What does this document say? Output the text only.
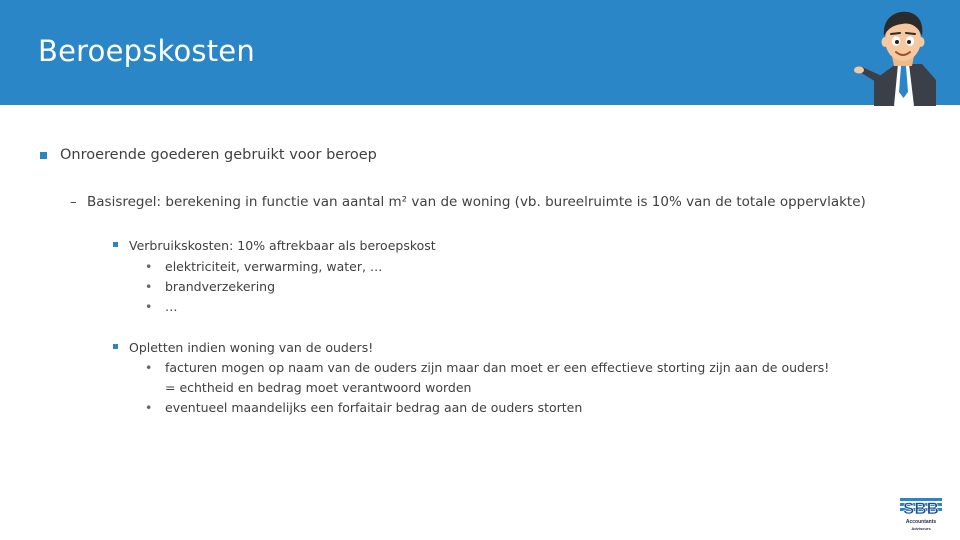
Beroepskosten
Onroerende goederen gebruikt voor beroep
– Basisregel: berekening in functie van aantal m² van de woning (vb. bureelruimte is 10% van de totale oppervlakte)
Verbruikskosten: 10% aftrekbaar als beroepskost
• elektriciteit, verwarming, water, …
• brandverzekering
• …
Opletten indien woning van de ouders!
• facturen mogen op naam van de ouders zijn maar dan moet er een effectieve storting zijn aan de ouders!
= echtheid en bedrag moet verantwoord worden
• eventueel maandelijks een forfaitair bedrag aan de ouders storten
SBB
Accountants
Adviseurs
